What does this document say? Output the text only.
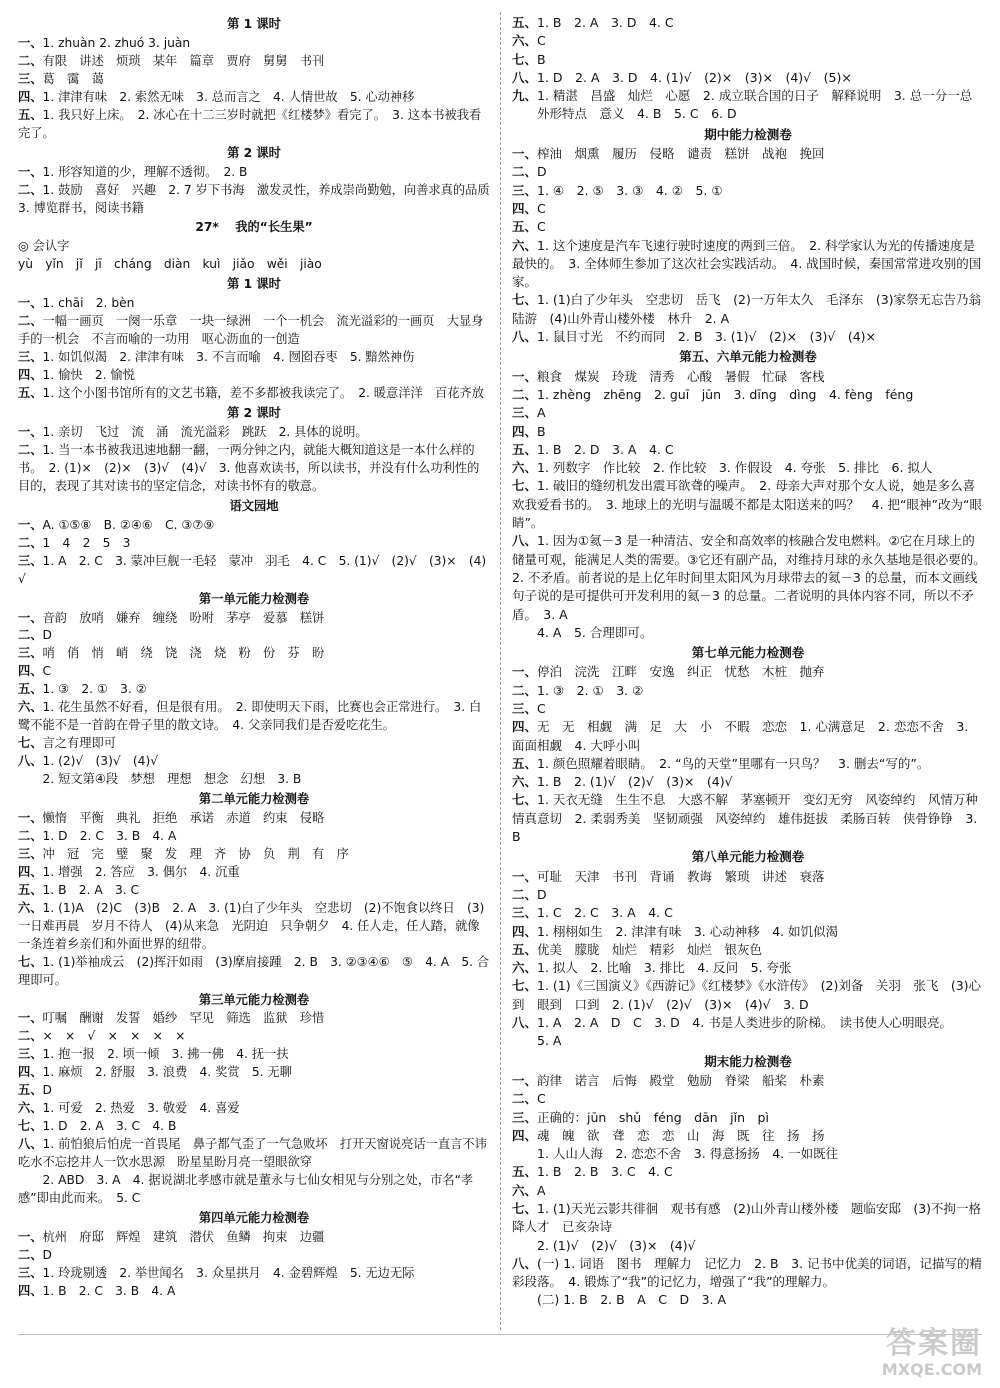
第 1 课时
一、1. zhuàn 2. zhuó 3. juàn
二、有限　讲述　烦琐　某年　篇章　贾府　舅舅　书刊
三、葛　霭　蔼
四、1. 津津有味　2. 索然无味　3. 总而言之　4. 人情世故　5. 心动神移
五、1. 我只好上床。　2. 冰心在十二三岁时就把《红楼梦》看完了。　3. 这本书被我看完了。
第 2 课时
一、1. 形容知道的少，理解不透彻。　2. B
二、1. 鼓励　喜好　兴趣　2. 7 岁下书海　激发灵性，养成崇尚勤勉，向善求真的品质　3. 博览群书，阅读书籍
27* 　我的“长生果”
◎ 会认字
yù　yǐn　jǐ　jī　cháng　diàn　kuì　jiǎo　wěi　jiào
第 1 课时
一、1. chāi　2. bèn
二、一幅一画页　一阕一乐章　一块一绿洲　一个一机会　流光溢彩的一画页　大显身手的一机会　不言而喻的一功用　呕心沥血的一创造
三、1. 如饥似渴　2. 津津有味　3. 不言而喻　4. 囫囵吞枣　5. 黯然神伤
四、1. 愉快　2. 愉悦
五、1. 这个小图书馆所有的文艺书籍，差不多都被我读完了。　2. 暖意洋洋　百花齐放
第 2 课时
一、1. 亲切　飞过　流　涌　流光溢彩　跳跃　2. 具体的说明。
二、1. 当一本书被我迅速地翻一翻，一两分钟之内，就能大概知道这是一本什么样的书。　2. (1)×　(2)×　(3)√　(4)√　3. 他喜欢读书，所以读书，并没有什么功利性的目的，表现了其对读书的坚定信念，对读书怀有的敬意。
语文园地
一、A. ①⑤⑧　B. ②④⑥　C. ③⑦⑨
二、1　4　2　5　3
三、1. A　2. C　3. 蒙冲巨舰一毛轻　蒙冲　羽毛　4. C　5. (1)√　(2)√　(3)×　(4)√
第一单元能力检测卷
一、音韵　放哨　嫌弃　缠绕　吩咐　茅亭　爱慕　糕饼
二、D
三、哨　俏　悄　峭　绕　饶　浇　烧　粉　份　芬　盼
四、C
五、1. ③　2. ①　3. ②
六、1. 花生虽然不好看，但是很有用。　2. 即使明天下雨，比赛也会正常进行。　3. 白鹭不能不是一首韵在骨子里的散文诗。　4. 父亲同我们是否爱吃花生。
七、言之有理即可
八、1. (2)√　(3)√　(4)√
　　2. 短文第④段　梦想　理想　想念　幻想　3. B
第二单元能力检测卷
一、懒惰　平衡　典礼　拒绝　承诺　赤道　约束　侵略
二、1. D　2. C　3. B　4. A
三、冲　冠　完　璧　聚　发　理　齐　协　负　荆　有　序
四、1. 增强　2. 答应　3. 偶尔　4. 沉重
五、1. B　2. A　3. C
六、1. (1)A　(2)C　(3)B　2. A　3. (1)白了少年头　空悲切　(2)不饱食以终日　(3)一日难再晨　岁月不待人　(4)从来急　光阴迫　只争朝夕　4. 任人走，任人踏，就像一条连着乡亲们和外面世界的纽带。
七、1. (1)举袖成云　(2)挥汗如雨　(3)摩肩接踵　2. B　3. ②③④⑥　⑤　4. A　5. 合理即可。
第三单元能力检测卷
一、叮嘱　酬谢　发誓　婚纱　罕见　筛选　监狱　珍惜
二、×　×　√　×　×　×　×
三、1. 抱一报　2. 顷一倾　3. 拂一佛　4. 抚一扶
四、1. 麻烦　2. 舒服　3. 浪费　4. 奖赏　5. 无聊
五、D
六、1. 可爱　2. 热爱　3. 敬爱　4. 喜爱
七、1. D　2. A　3. C　4. B
八、1. 前怕狼后怕虎一首畏尾　鼻子都气歪了一气急败坏　打开天窗说亮话一直言不讳　吃水不忘挖井人一饮水思源　盼星星盼月亮一望眼欲穿
　　2. ABD　3. A　4. 据说湖北孝感市就是董永与七仙女相见与分别之处，市名“孝感”即由此而来。　5. C
第四单元能力检测卷
一、杭州　府邸　辉煌　建筑　潜伏　鱼鳞　拘束　边疆
二、D
三、1. 玲珑剔透　2. 举世闻名　3. 众星拱月　4. 金碧辉煌　5. 无边无际
四、1. B　2. C　3. B　4. A
五、1. B　2. A　3. D　4. C
六、C
七、B
八、1. D　2. A　3. D　4. (1)√　(2)×　(3)×　(4)√　(5)×
九、1. 精湛　昌盛　灿烂　心愿　2. 成立联合国的日子　解释说明　3. 总一分一总
　　外形特点　意义　4. B　5. C　6. D
期中能力检测卷
一、榨油　烟熏　履历　侵略　谴责　糕饼　战袍　挽回
二、D
三、1. ④　2. ⑤　3. ③　4. ②　5. ①
四、C
五、C
六、1. 这个速度是汽车飞速行驶时速度的两到三倍。　2. 科学家认为光的传播速度是最快的。　3. 全体师生参加了这次社会实践活动。　4. 战国时候，秦国常常进攻别的国家。
七、1. (1)白了少年头　空悲切　岳飞　(2)一万年太久　毛泽东　(3)家祭无忘告乃翁　陆游　(4)山外青山楼外楼　林升　2. A
八、1. 鼠目寸光　不约而同　2. B　3. (1)√　(2)×　(3)√　(4)×
第五、六单元能力检测卷
一、粮食　煤炭　玲珑　清秀　心酸　暑假　忙碌　客栈
二、1. zhèng　zhēng　2. guī　jūn　3. dīng　dìng　4. fèng　féng
三、A
四、B
五、1. B　2. D　3. A　4. C
六、1. 列数字　作比较　2. 作比较　3. 作假设　4. 夸张　5. 排比　6. 拟人
七、1. 破旧的缝纫机发出震耳欲聋的噪声。　2. 母亲大声对那个女人说，她是多么喜欢我爱看书的。　3. 地球上的光明与温暖不都是太阳送来的吗？　4. 把“眼神”改为“眼睛”。
八、1. 因为①氦－3 是一种清洁、安全和高效率的核融合发电燃料。②它在月球上的储量可观，能满足人类的需要。③它还有副产品，对维持月球的永久基地是很必要的。　2. 不矛盾。前者说的是上亿年时间里太阳风为月球带去的氦－3 的总量，而本文画线句子说的是可提供可开发利用的氦－3 的总量。二者说明的具体内容不同，所以不矛盾。　3. A
　　4. A　5. 合理即可。
第七单元能力检测卷
一、停泊　浣洗　江畔　安逸　纠正　忧愁　木桩　抛弃
二、1. ③　2. ①　3. ②
三、C
四、无　无　相觑　满　足　大　小　不暇　恋恋　1. 心满意足　2. 恋恋不舍　3. 面面相觑　4. 大呼小叫
五、1. 颜色照耀着眼睛。　2. “鸟的天堂”里哪有一只鸟？　3. 删去“写的”。
六、1. B　2. (1)√　(2)√　(3)×　(4)√
七、1. 天衣无缝　生生不息　大惑不解　茅塞顿开　变幻无穷　风姿绰约　风情万种　情真意切　2. 柔弱秀美　坚韧顽强　风姿绰约　雄伟挺拔　柔肠百转　侠骨铮铮　3. B
第八单元能力检测卷
一、可耻　天津　书刊　背诵　教诲　繁琐　讲述　衰落
二、D
三、1. C　2. C　3. A　4. C
四、1. 栩栩如生　2. 津津有味　3. 心动神移　4. 如饥似渴
五、优美　朦胧　灿烂　精彩　灿烂　银灰色
六、1. 拟人　2. 比喻　3. 排比　4. 反问　5. 夸张
七、1. (1)《三国演义》《西游记》《红楼梦》《水浒传》　(2)刘备　关羽　张飞　(3)心到　眼到　口到　2. (1)√　(2)√　(3)×　(4)√　3. D
八、1. A　2. A　D　C　3. D　4. 书是人类进步的阶梯。　读书使人心明眼亮。
　　5. A
期末能力检测卷
一、韵律　诺言　后悔　殿堂　勉励　脊梁　船桨　朴素
二、C
三、正确的：jūn　shǔ　féng　dān　jǐn　pì
四、魂　魄　欲　聋　恋　恋　山　海　既　往　扬　扬
　　1. 人山人海　2. 恋恋不舍　3. 得意扬扬　4. 一如既往
五、1. B　2. B　3. C　4. C
六、A
七、1. (1)天光云影共徘徊　观书有感　(2)山外青山楼外楼　题临安邸　(3)不拘一格降人才　已亥杂诗
　　2. (1)√　(2)√　(3)×　(4)√
八、(一) 1. 词语　图书　理解力　记忆力　2. B　3. 记书中优美的词语，记描写的精彩段落。　4. 锻炼了“我”的记忆力，增强了“我”的理解力。
　　(二) 1. B　2. B　A　C　D　3. A
答案圈
MXQE.COM
